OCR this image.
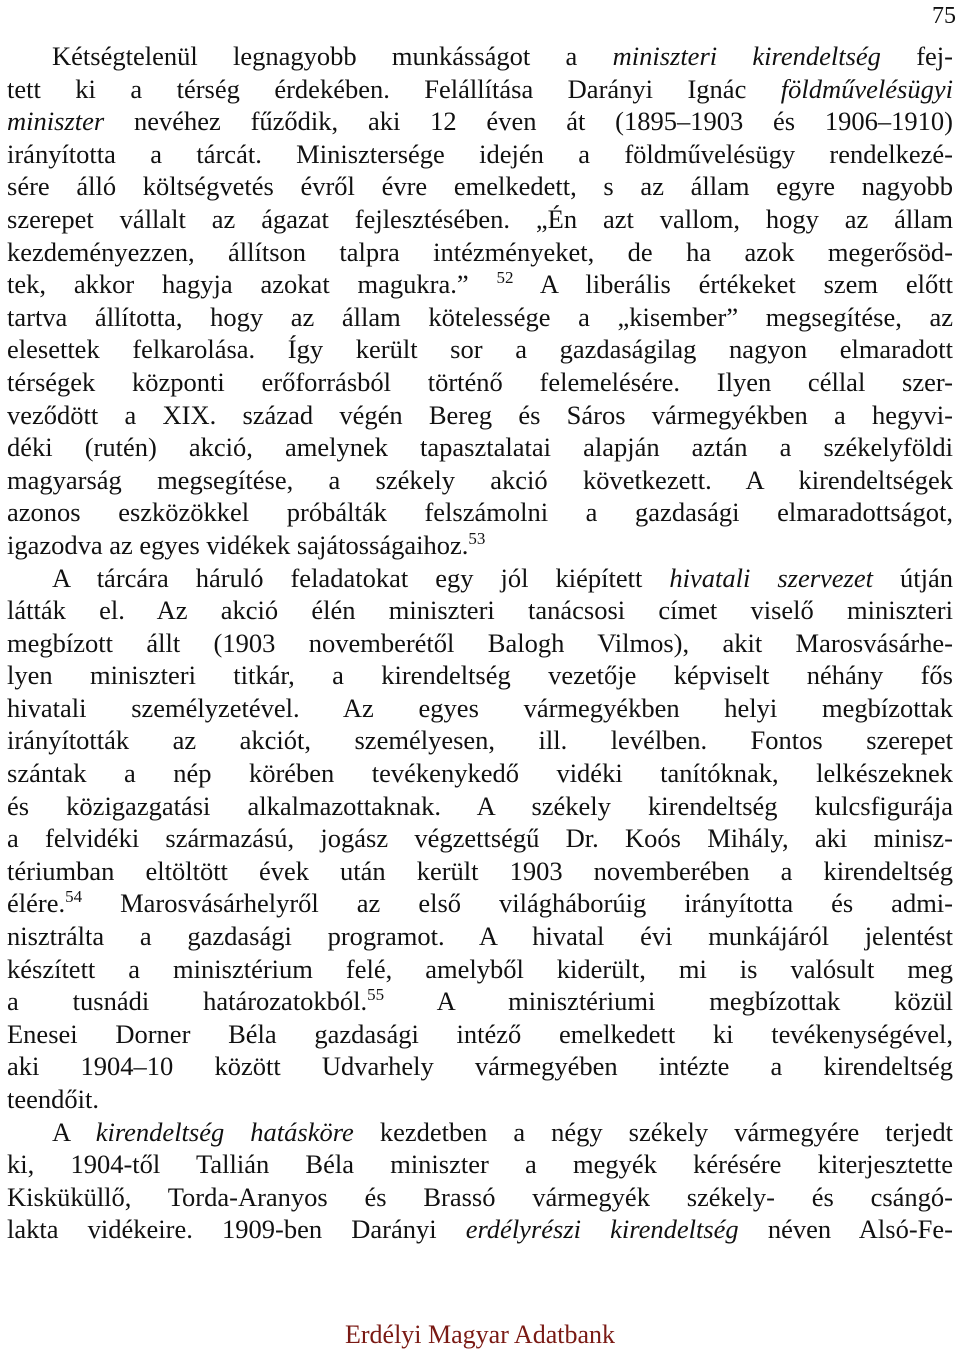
75
Kétségtelenül legnagyobb munkásságot a miniszteri kirendeltség fej-
tett ki a térség érdekében. Felállítása Darányi Ignác földművelésügyi
miniszter nevéhez fűződik, aki 12 éven át (1895–1903 és 1906–1910)
irányította a tárcát. Minisztersége idején a földművelésügy rendelkezé-
sére álló költségvetés évről évre emelkedett, s az állam egyre nagyobb
szerepet vállalt az ágazat fejlesztésében. „Én azt vallom, hogy az állam
kezdeményezzen, állítson talpra intézményeket, de ha azok megerősöd-
tek, akkor hagyja azokat magukra.” $^{52}$ A liberális értékeket szem előtt
tartva állította, hogy az állam kötelessége a „kisember” megsegítése, az
elesettek felkarolása. Így került sor a gazdaságilag nagyon elmaradott
térségek központi erőforrásból történő felemelésére. Ilyen céllal szer-
veződött a XIX. század végén Bereg és Sáros vármegyékben a hegyvi-
déki (rutén) akció, amelynek tapasztalatai alapján aztán a székelyföldi
magyarság megsegítése, a székely akció következett. A kirendeltségek
azonos eszközökkel próbálták felszámolni a gazdasági elmaradottságot,
igazodva az egyes vidékek sajátosságaihoz.$^{53}$
A tárcára háruló feladatokat egy jól kiépített hivatali szervezet útján
látták el. Az akció élén miniszteri tanácsosi címet viselő miniszteri
megbízott állt (1903 novemberétől Balogh Vilmos), akit Marosvásárhe-
lyen miniszteri titkár, a kirendeltség vezetője képviselt néhány fős
hivatali személyzetével. Az egyes vármegyékben helyi megbízottak
irányították az akciót, személyesen, ill. levélben. Fontos szerepet
szántak a nép körében tevékenykedő vidéki tanítóknak, lelkészeknek
és közigazgatási alkalmazottaknak. A székely kirendeltség kulcsfigurája
a felvidéki származású, jogász végzettségű Dr. Koós Mihály, aki minisz-
tériumban eltöltött évek után került 1903 novemberében a kirendeltség
élére.$^{54}$ Marosvásárhelyről az első világháborúig irányította és admi-
nisztrálta a gazdasági programot. A hivatal évi munkájáról jelentést
készített a minisztérium felé, amelyből kiderült, mi is valósult meg
a tusnádi határozatokból.$^{55}$ A minisztériumi megbízottak közül
Enesei Dorner Béla gazdasági intéző emelkedett ki tevékenységével,
aki 1904–10 között Udvarhely vármegyében intézte a kirendeltség
teendőit.
A kirendeltség hatásköre kezdetben a négy székely vármegyére terjedt
ki, 1904-től Tallián Béla miniszter a megyék kérésére kiterjesztette
Kisküküllő, Torda-Aranyos és Brassó vármegyék székely- és csángó-
lakta vidékeire. 1909-ben Darányi erdélyrészi kirendeltség néven Alsó-Fe-
Erdélyi Magyar Adatbank
